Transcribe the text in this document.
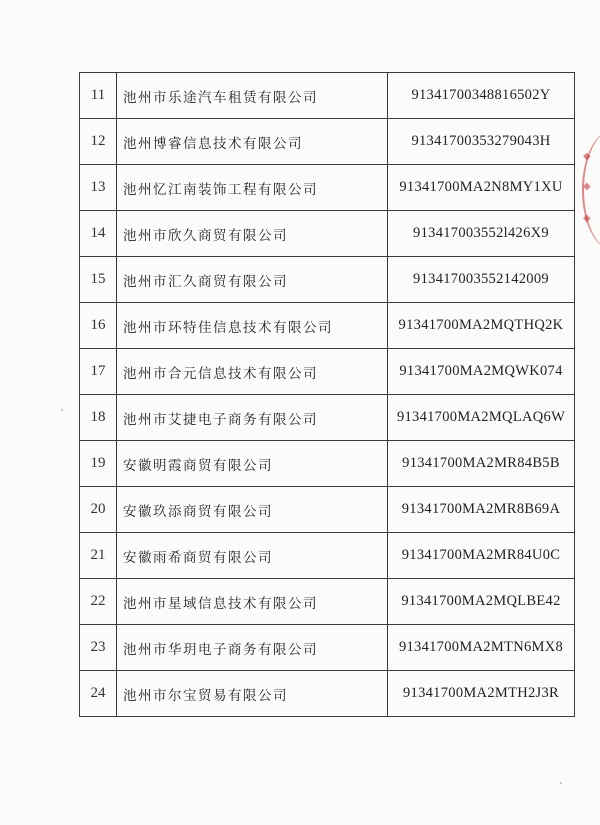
11	池州市乐途汽车租赁有限公司	91341700348816502Y
12	池州博睿信息技术有限公司	91341700353279043H
13	池州忆江南装饰工程有限公司	91341700MA2N8MY1XU
14	池州市欣久商贸有限公司	913417003552l426X9
15	池州市汇久商贸有限公司	91341700355214200​9
16	池州市环特佳信息技术有限公司	91341700MA2MQTHQ2K
17	池州市合元信息技术有限公司	91341700MA2MQWK074
18	池州市艾捷电子商务有限公司	91341700MA2MQLAQ6W
19	安徽明霞商贸有限公司	91341700MA2MR84B5B
20	安徽玖添商贸有限公司	91341700MA2MR8B69A
21	安徽雨希商贸有限公司	91341700MA2MR84U0C
22	池州市星域信息技术有限公司	91341700MA2MQLBE42
23	池州市华玥电子商务有限公司	91341700MA2MTN6MX8
24	池州市尔宝贸易有限公司	91341700MA2MTH2J3R
◆
◆
◆
